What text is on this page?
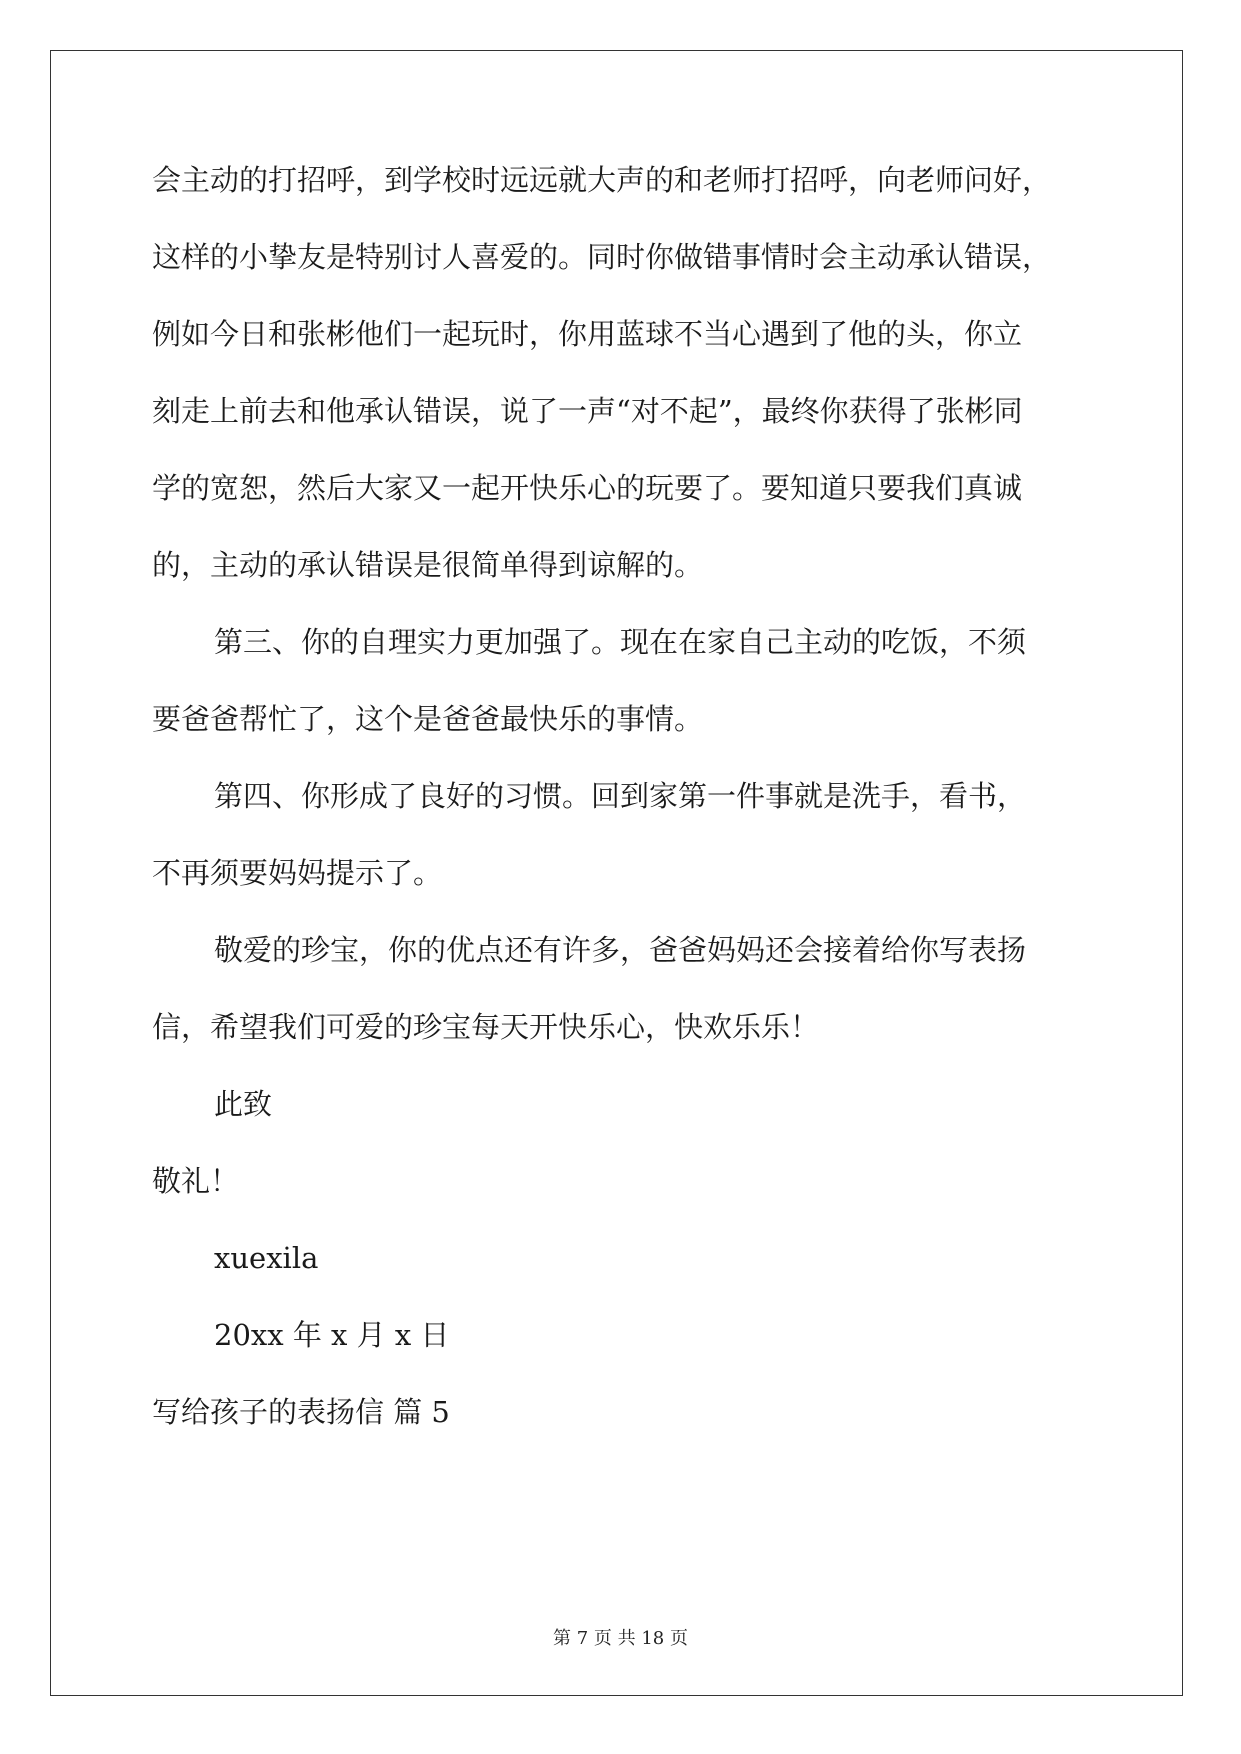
会主动的打招呼，到学校时远远就大声的和老师打招呼，向老师问好，
这样的小挚友是特别讨人喜爱的。同时你做错事情时会主动承认错误，
例如今日和张彬他们一起玩时，你用蓝球不当心遇到了他的头，你立
刻走上前去和他承认错误，说了一声“对不起”，最终你获得了张彬同
学的宽恕，然后大家又一起开快乐心的玩要了。要知道只要我们真诚
的，主动的承认错误是很简单得到谅解的。
第三、你的自理实力更加强了。现在在家自己主动的吃饭，不须
要爸爸帮忙了，这个是爸爸最快乐的事情。
第四、你形成了良好的习惯。回到家第一件事就是洗手，看书，
不再须要妈妈提示了。
敬爱的珍宝，你的优点还有许多，爸爸妈妈还会接着给你写表扬
信，希望我们可爱的珍宝每天开快乐心，快欢乐乐！
此致
敬礼！
xuexila
20xx 年 x 月 x 日
写给孩子的表扬信 篇 5
第 7 页 共 18 页
